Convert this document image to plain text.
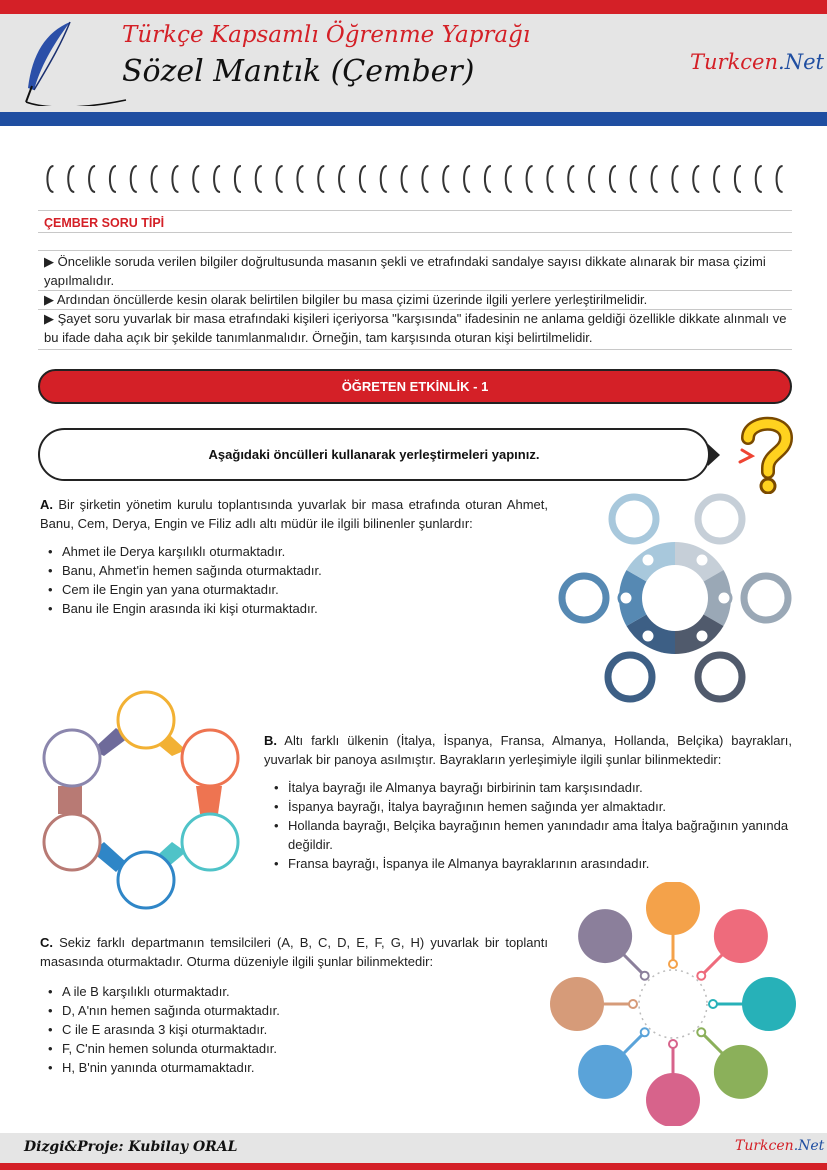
Türkçe Kapsamlı Öğrenme Yaprağı
Sözel Mantık (Çember)	Turkcen.Net
ÇEMBER SORU TİPİ
▶ Öncelikle soruda verilen bilgiler doğrultusunda masanın şekli ve etrafındaki sandalye sayısı dikkate alınarak bir masa çizimi yapılmalıdır.
▶ Ardından öncüllerde kesin olarak belirtilen bilgiler bu masa çizimi üzerinde ilgili yerlere yerleştirilmelidir.
▶ Şayet soru yuvarlak bir masa etrafındaki kişileri içeriyorsa "karşısında" ifadesinin ne anlama geldiği özellikle dikkate alınmalı ve bu ifade daha açık bir şekilde tanımlanmalıdır. Örneğin, tam karşısında oturan kişi belirtilmelidir.
ÖĞRETEN ETKİNLİK - 1
Aşağıdaki öncülleri kullanarak yerleştirmeleri yapınız.
A. Bir şirketin yönetim kurulu toplantısında yuvarlak bir masa etrafında oturan Ahmet, Banu, Cem, Derya, Engin ve Filiz adlı altı müdür ile ilgili bilinenler şunlardır:
• Ahmet ile Derya karşılıklı oturmaktadır.
• Banu, Ahmet'in hemen sağında oturmaktadır.
• Cem ile Engin yan yana oturmaktadır.
• Banu ile Engin arasında iki kişi oturmaktadır.
B. Altı farklı ülkenin (İtalya, İspanya, Fransa, Almanya, Hollanda, Belçika) bayrakları, yuvarlak bir panoya asılmıştır. Bayrakların yerleşimiyle ilgili şunlar bilinmektedir:
• İtalya bayrağı ile Almanya bayrağı birbirinin tam karşısındadır.
• İspanya bayrağı, İtalya bayrağının hemen sağında yer almaktadır.
• Hollanda bayrağı, Belçika bayrağının hemen yanındadır ama İtalya bağrağının yanında değildir.
• Fransa bayrağı, İspanya ile Almanya bayraklarının arasındadır.
C. Sekiz farklı departmanın temsilcileri (A, B, C, D, E, F, G, H) yuvarlak bir toplantı masasında oturmaktadır. Oturma düzeniyle ilgili şunlar bilinmektedir:
• A ile B karşılıklı oturmaktadır.
• D, A'nın hemen sağında oturmaktadır.
• C ile E arasında 3 kişi oturmaktadır.
• F, C'nin hemen solunda oturmaktadır.
• H, B'nin yanında oturmamaktadır.
Dizgi&Proje: Kubilay ORAL	Turkcen.Net
